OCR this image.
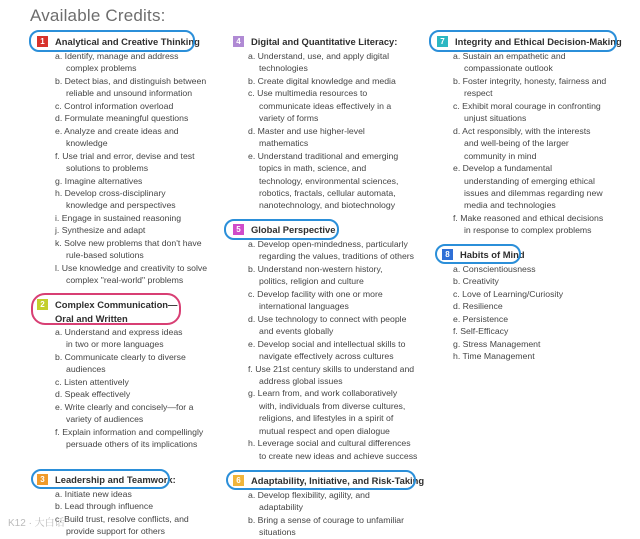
Available Credits:
1	Analytical and Creative Thinking
a. Identify, manage and address
complex problems
b. Detect bias, and distinguish between
reliable and unsound information
c. Control information overload
d. Formulate meaningful questions
e. Analyze and create ideas and
knowledge
f. Use trial and error, devise and test
solutions to problems
g. Imagine alternatives
h. Develop cross-disciplinary
knowledge and perspectives
i. Engage in sustained reasoning
j. Synthesize and adapt
k. Solve new problems that don't have
rule-based solutions
l. Use knowledge and creativity to solve
complex "real-world" problems
2	Complex Communication—
Oral and Written
a. Understand and express ideas
in two or more languages
b. Communicate clearly to diverse
audiences
c. Listen attentively
d. Speak effectively
e. Write clearly and concisely—for a
variety of audiences
f. Explain information and compellingly
persuade others of its implications
3	Leadership and Teamwork:
a. Initiate new ideas
b. Lead through influence
c. Build trust, resolve conflicts, and
provide support for others
4	Digital and Quantitative Literacy:
a. Understand, use, and apply digital
technologies
b. Create digital knowledge and media
c. Use multimedia resources to
communicate ideas effectively in a
variety of forms
d. Master and use higher-level
mathematics
e. Understand traditional and emerging
topics in math, science, and
technology, environmental sciences,
robotics, fractals, cellular automata,
nanotechnology, and biotechnology
5	Global Perspective
a. Develop open-mindedness, particularly
regarding the values, traditions of others
b. Understand non-western history,
politics, religion and culture
c. Develop facility with one or more
international languages
d. Use technology to connect with people
and events globally
e. Develop social and intellectual skills to
navigate effectively across cultures
f. Use 21st century skills to understand and
address global issues
g. Learn from, and work collaboratively
with, individuals from diverse cultures,
religions, and lifestyles in a spirit of
mutual respect and open dialogue
h. Leverage social and cultural differences
to create new ideas and achieve success
6	Adaptability, Initiative, and Risk-Taking
a. Develop flexibility, agility, and
adaptability
b. Bring a sense of courage to unfamiliar
situations
7	Integrity and Ethical Decision-Making
a. Sustain an empathetic and
compassionate outlook
b. Foster integrity, honesty, fairness and
respect
c. Exhibit moral courage in confronting
unjust situations
d. Act responsibly, with the interests
and well-being of the larger
community in mind
e. Develop a fundamental
understanding of emerging ethical
issues and dilemmas regarding new
media and technologies
f. Make reasoned and ethical decisions
in response to complex problems
8	Habits of Mind
a. Conscientiousness
b. Creativity
c. Love of Learning/Curiosity
d. Resilience
e. Persistence
f. Self-Efficacy
g. Stress Management
h. Time Management
K12 · 大白话
